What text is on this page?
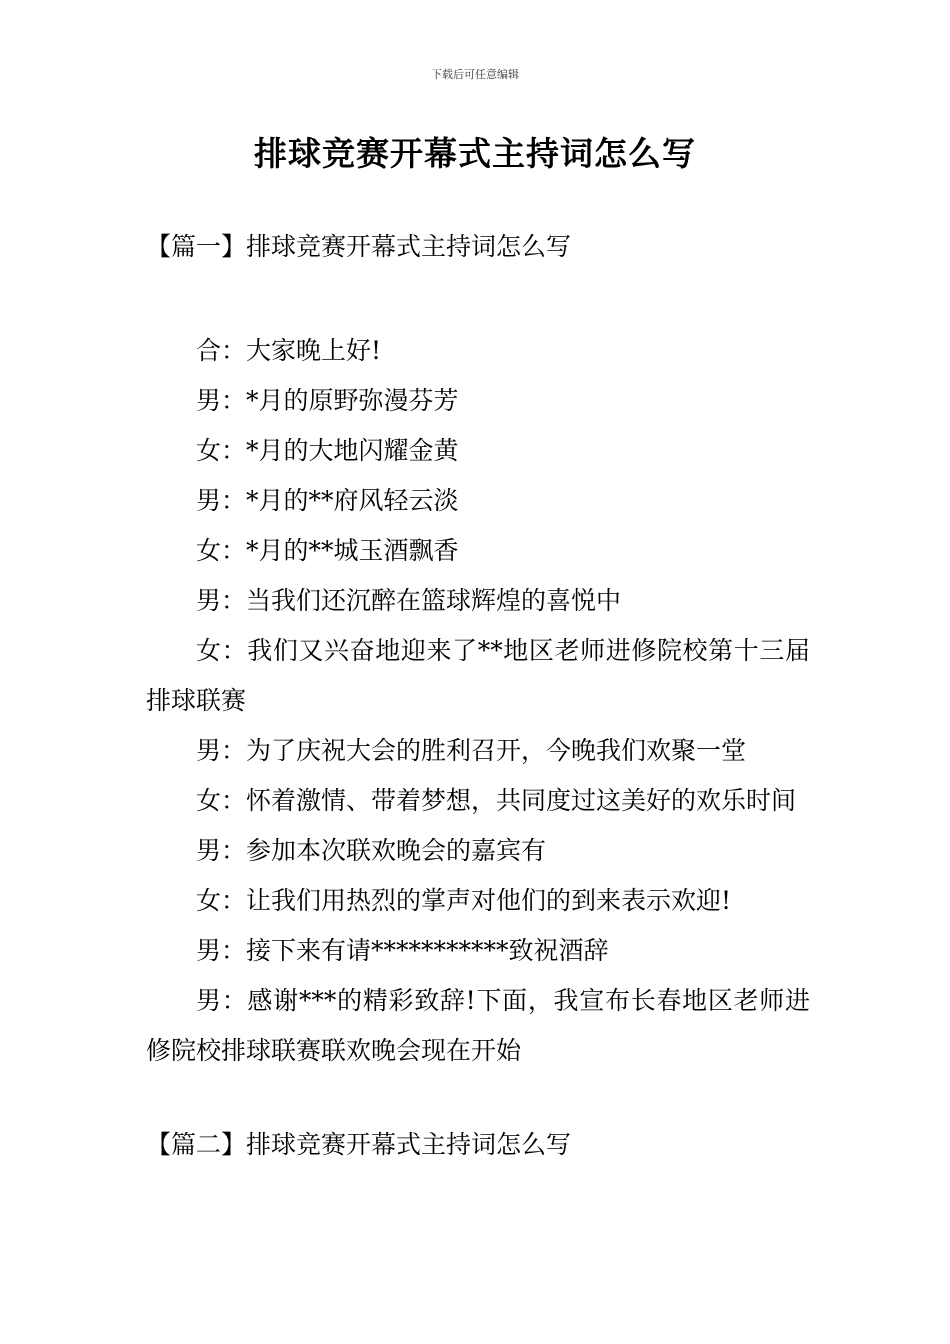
下载后可任意编辑
排球竞赛开幕式主持词怎么写

【篇一】排球竞赛开幕式主持词怎么写

合：大家晚上好!

男：*月的原野弥漫芬芳

女：*月的大地闪耀金黄

男：*月的**府风轻云淡

女：*月的**城玉酒飘香

男：当我们还沉醉在篮球辉煌的喜悦中

女：我们又兴奋地迎来了**地区老师进修院校第十三届排球联赛

男：为了庆祝大会的胜利召开，今晚我们欢聚一堂

女：怀着激情、带着梦想，共同度过这美好的欢乐时间

男：参加本次联欢晚会的嘉宾有

女：让我们用热烈的掌声对他们的到来表示欢迎!

男：接下来有请***********致祝酒辞

男：感谢***的精彩致辞!下面，我宣布长春地区老师进修院校排球联赛联欢晚会现在开始

【篇二】排球竞赛开幕式主持词怎么写
